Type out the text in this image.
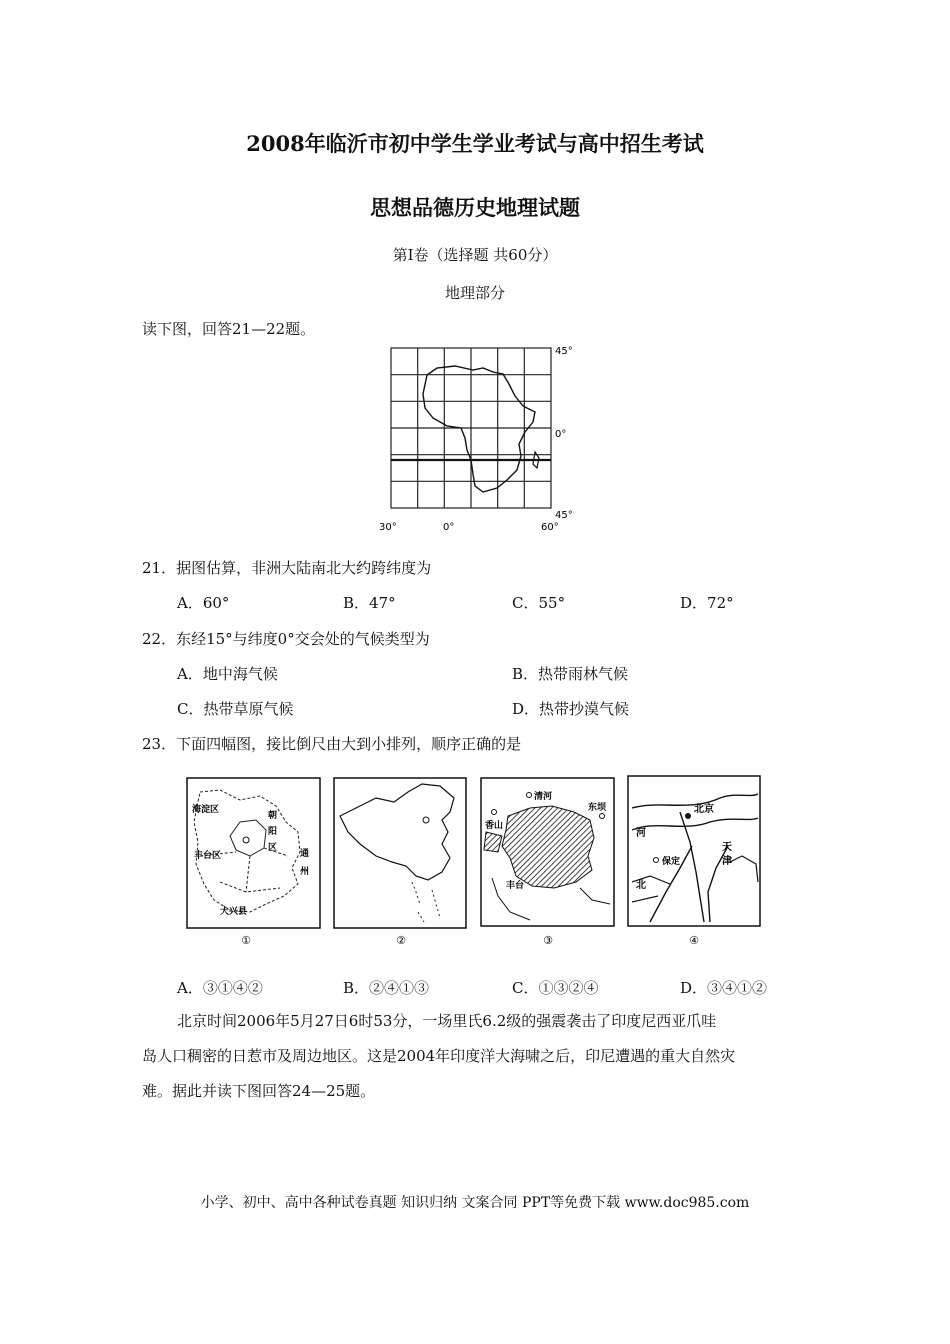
2008年临沂市初中学生学业考试与高中招生考试
思想品德历史地理试题
第Ⅰ卷（选择题 共60分）
地理部分
读下图，回答21—22题。
45°
0°
45°
30°	0°	60°
21．据图估算，非洲大陆南北大约跨纬度为
A．60°	B．47°	C．55°	D．72°
22．东经15°与纬度0°交会处的气候类型为
A．地中海气候	B．热带雨林气候
C．热带草原气候	D．热带抄漠气候
23．下面四幅图，接比倒尺由大到小排列，顺序正确的是
海淀区
朝
阳
区
丰台区	通
州
大兴县
①	②
清河
香山
东坝
丰台
③
北京
河
保定
天
津
北
④
A．③①④②	B．②④①③	C．①③②④	D．③④①②
北京时间2006年5月27日6时53分，一场里氏6.2级的强震袭击了印度尼西亚爪哇
岛人口稠密的日惹市及周边地区。这是2004年印度洋大海啸之后，印尼遭遇的重大自然灾
难。据此并读下图回答24—25题。
小学、初中、高中各种试卷真题 知识归纳 文案合同 PPT等免费下载 www.doc985.com
